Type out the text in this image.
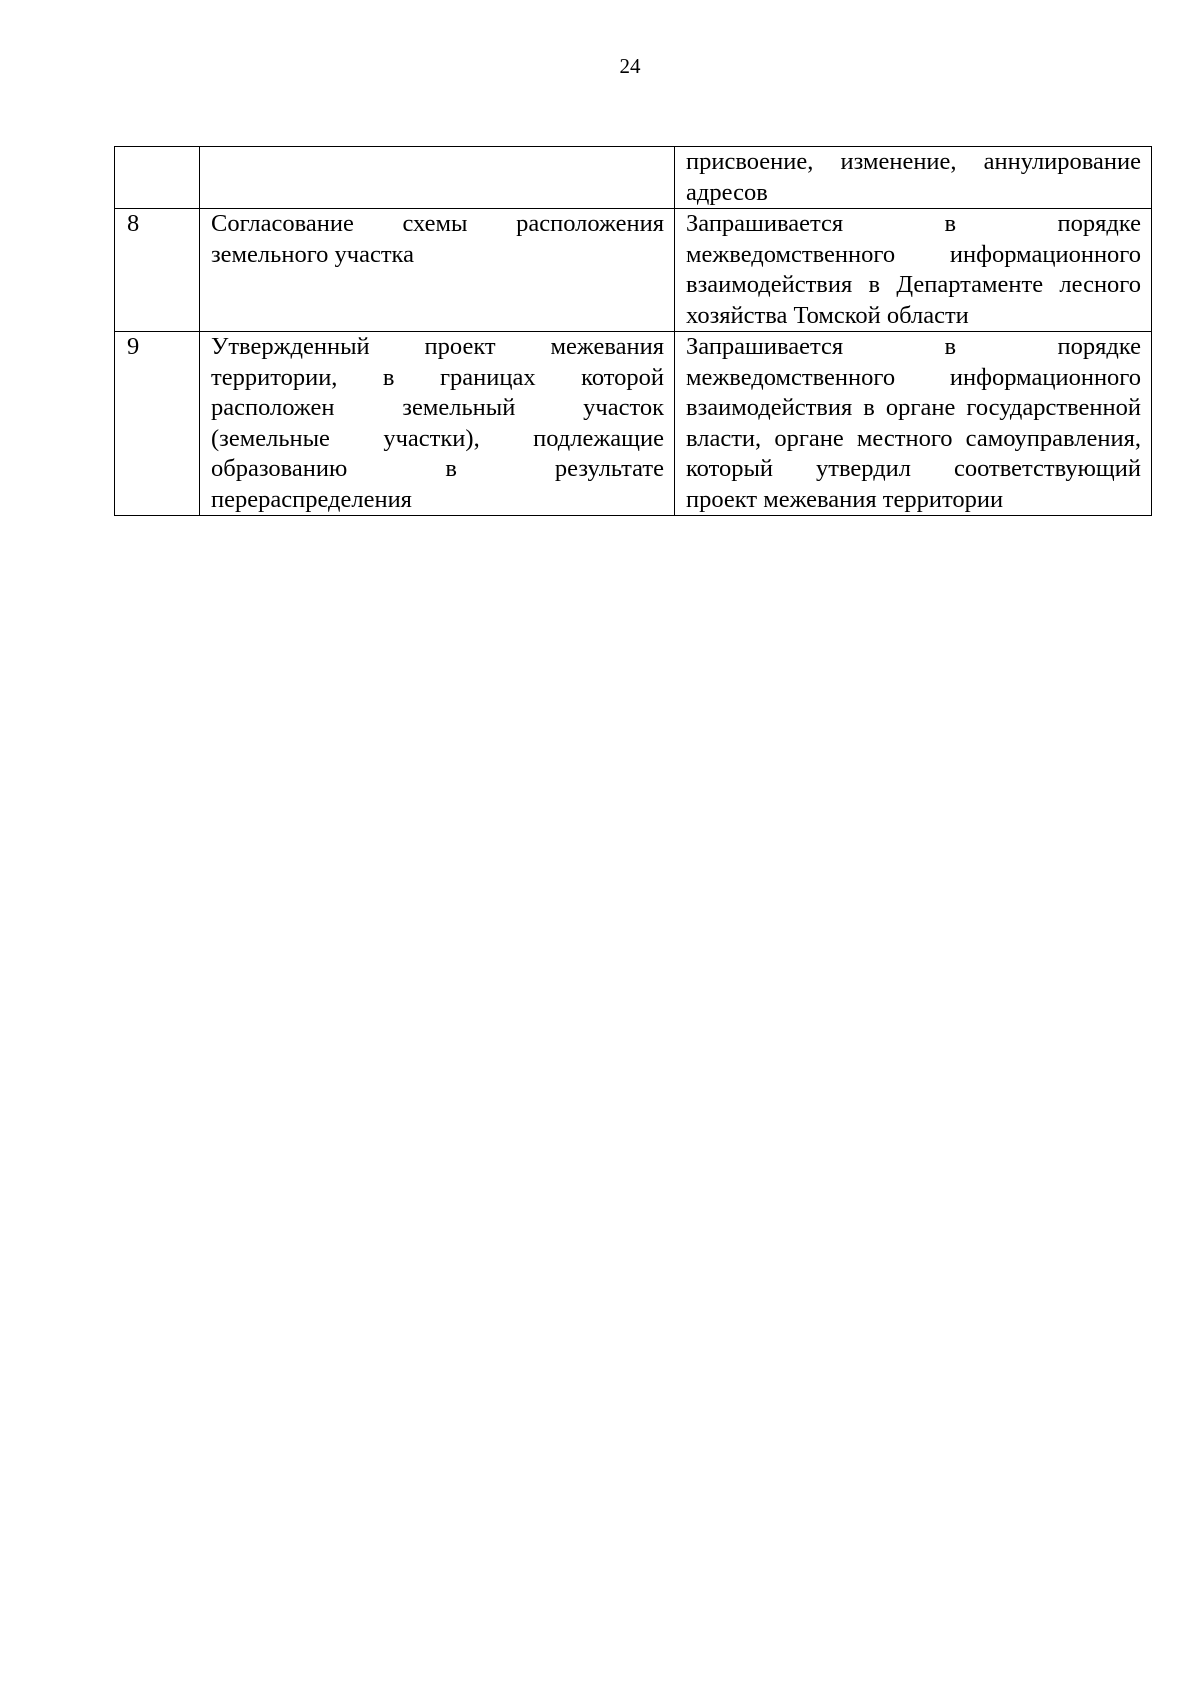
24
		присвоение, изменение, аннулирование адресов
8	Согласование схемы расположения земельного участка	Запрашивается в порядке межведомственного информационного взаимодействия в Департаменте лесного хозяйства Томской области
9	Утвержденный проект межевания территории, в границах которой расположен земельный участок (земельные участки), подлежащие образованию в результате перераспределения	Запрашивается в порядке межведомственного информационного взаимодействия в органе государственной власти, органе местного самоуправления, который утвердил соответствующий проект межевания территории
